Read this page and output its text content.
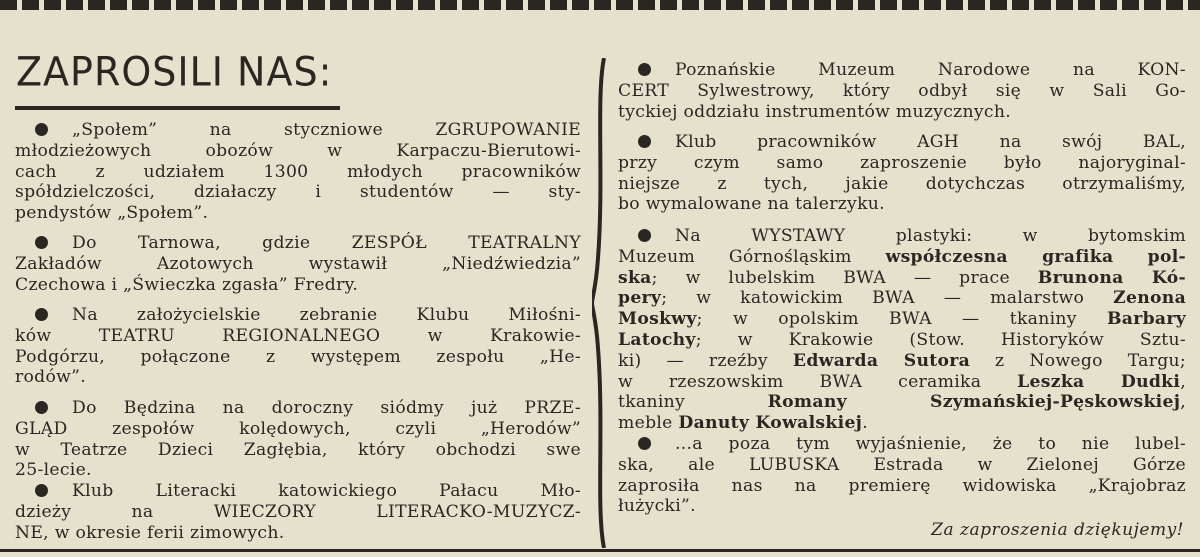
ZAPROSILI NAS:
„Społem” na styczniowe ZGRUPOWANIE
młodzieżowych obozów w Karpaczu-Bierutowi-
cach z udziałem 1300 młodych pracowników
spółdzielczości, działaczy i studentów — sty-
pendystów „Społem”.
Do Tarnowa, gdzie ZESPÓŁ TEATRALNY
Zakładów Azotowych wystawił „Niedźwiedzia”
Czechowa i „Świeczka zgasła” Fredry.
Na założycielskie zebranie Klubu Miłośni-
ków TEATRU REGIONALNEGO w Krakowie-
Podgórzu, połączone z występem zespołu „He-
rodów”.
Do Będzina na doroczny siódmy już PRZE-
GLĄD zespołów kolędowych, czyli „Herodów”
w Teatrze Dzieci Zagłębia, który obchodzi swe
25-lecie.
Klub Literacki katowickiego Pałacu Mło-
dzieży na WIECZORY LITERACKO-MUZYCZ-
NE, w okresie ferii zimowych.
Poznańskie Muzeum Narodowe na KON-
CERT Sylwestrowy, który odbył się w Sali Go-
tyckiej oddziału instrumentów muzycznych.
Klub pracowników AGH na swój BAL,
przy czym samo zaproszenie było najoryginal-
niejsze z tych, jakie dotychczas otrzymaliśmy,
bo wymalowane na talerzyku.
Na WYSTAWY plastyki: w bytomskim
Muzeum Górnośląskim współczesna grafika pol-
ska; w lubelskim BWA — prace Brunona Kó-
pery; w katowickim BWA — malarstwo Zenona
Moskwy; w opolskim BWA — tkaniny Barbary
Latochy; w Krakowie (Stow. Historyków Sztu-
ki) — rzeźby Edwarda Sutora z Nowego Targu;
w rzeszowskim BWA ceramika Leszka Dudki,
tkaniny Romany Szymańskiej-Pęskowskiej,
meble Danuty Kowalskiej.
...a poza tym wyjaśnienie, że to nie lubel-
ska, ale LUBUSKA Estrada w Zielonej Górze
zaprosiła nas na premierę widowiska „Krajobraz
łużycki”.
Za zaproszenia dziękujemy!
